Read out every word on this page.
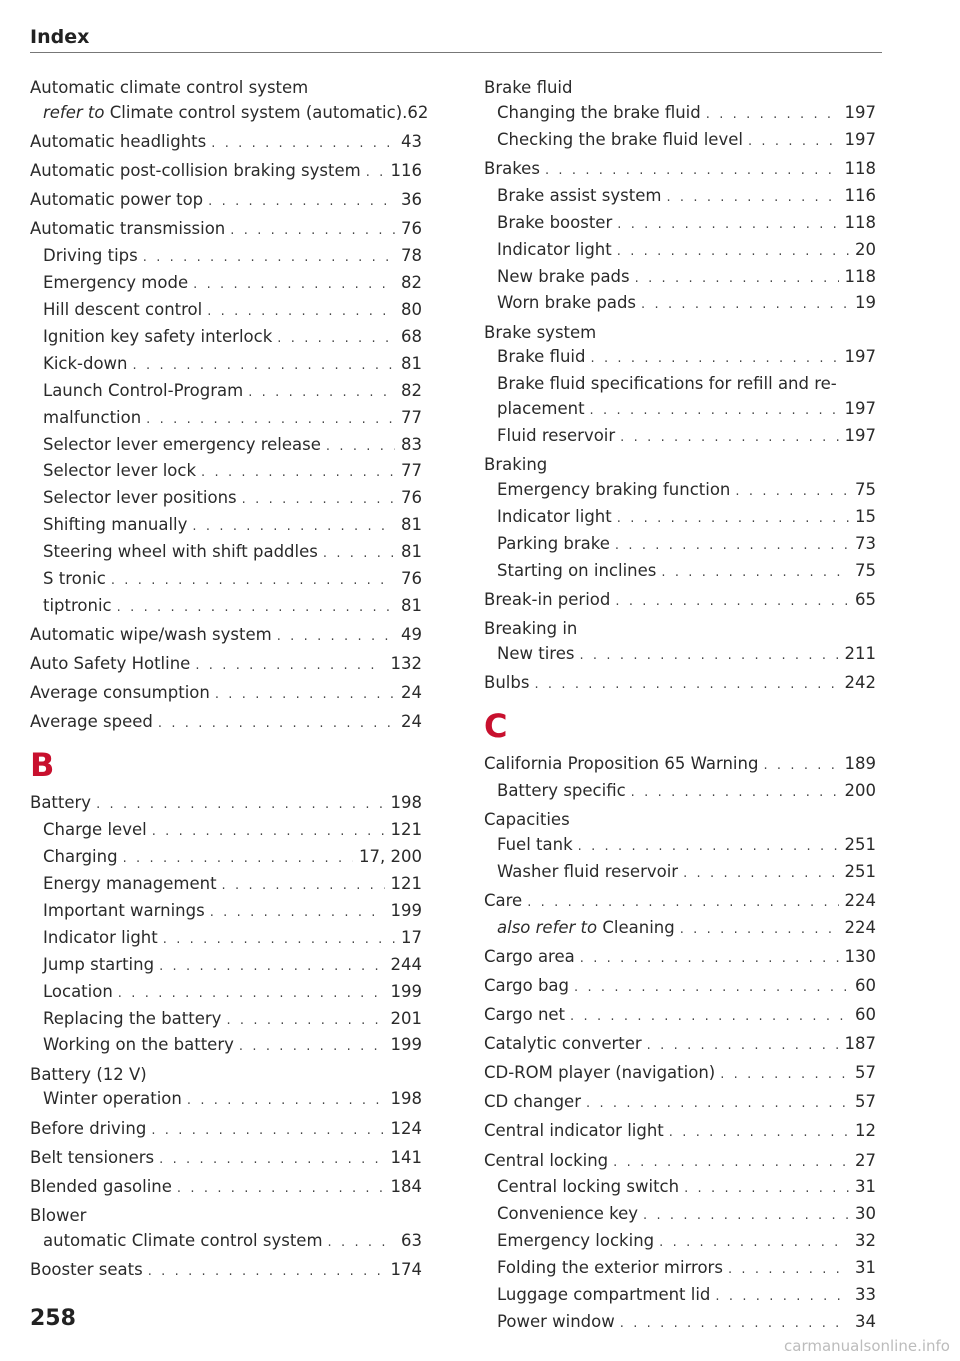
Index
Automatic climate control system
refer to Climate control system (automatic) .62
Automatic headlights . . .	43
Automatic post-collision braking system . . . 116
Automatic power top . . .	36
Automatic transmission . . .	76
Driving tips . . .	78
Emergency mode . . .	82
Hill descent control . . .	80
Ignition key safety interlock . . .	68
Kick-down . . .	81
Launch Control-Program . . .	82
malfunction . . .	77
Selector lever emergency release . . .	83
Selector lever lock . . .	77
Selector lever positions . . .	76
Shifting manually . . .	81
Steering wheel with shift paddles . . .	81
S tronic . . .	76
tiptronic . . .	81
Automatic wipe/wash system . . .	49
Auto Safety Hotline . . .	132
Average consumption . . .	24
Average speed . . .	24
B
Battery . . .	198
Charge level . . .	121
Charging . . .	17, 200
Energy management . . .	121
Important warnings . . .	199
Indicator light . . .	17
Jump starting . . .	244
Location . . .	199
Replacing the battery . . .	201
Working on the battery . . .	199
Battery (12 V)
Winter operation . . .	198
Before driving . . .	124
Belt tensioners . . .	141
Blended gasoline . . .	184
Blower
automatic Climate control system . . .	63
Booster seats . . .	174
Brake fluid
Changing the brake fluid . . .	197
Checking the brake fluid level . . .	197
Brakes . . .	118
Brake assist system . . .	116
Brake booster . . .	118
Indicator light . . .	20
New brake pads . . .	118
Worn brake pads . . .	19
Brake system
Brake fluid . . .	197
Brake fluid specifications for refill and re-
placement . . .	197
Fluid reservoir . . .	197
Braking
Emergency braking function . . .	75
Indicator light . . .	15
Parking brake . . .	73
Starting on inclines . . .	75
Break-in period . . .	65
Breaking in
New tires . . .	211
Bulbs . . .	242
C
California Proposition 65 Warning . . .	189
Battery specific . . .	200
Capacities
Fuel tank . . .	251
Washer fluid reservoir . . .	251
Care . . .	224
also refer to Cleaning . . .	224
Cargo area . . .	130
Cargo bag . . .	60
Cargo net . . .	60
Catalytic converter . . .	187
CD-ROM player (navigation) . . .	57
CD changer . . .	57
Central indicator light . . .	12
Central locking . . .	27
Central locking switch . . .	31
Convenience key . . .	30
Emergency locking . . .	32
Folding the exterior mirrors . . .	31
Luggage compartment lid . . .	33
Power window . . .	34
258
carmanualsonline.info
